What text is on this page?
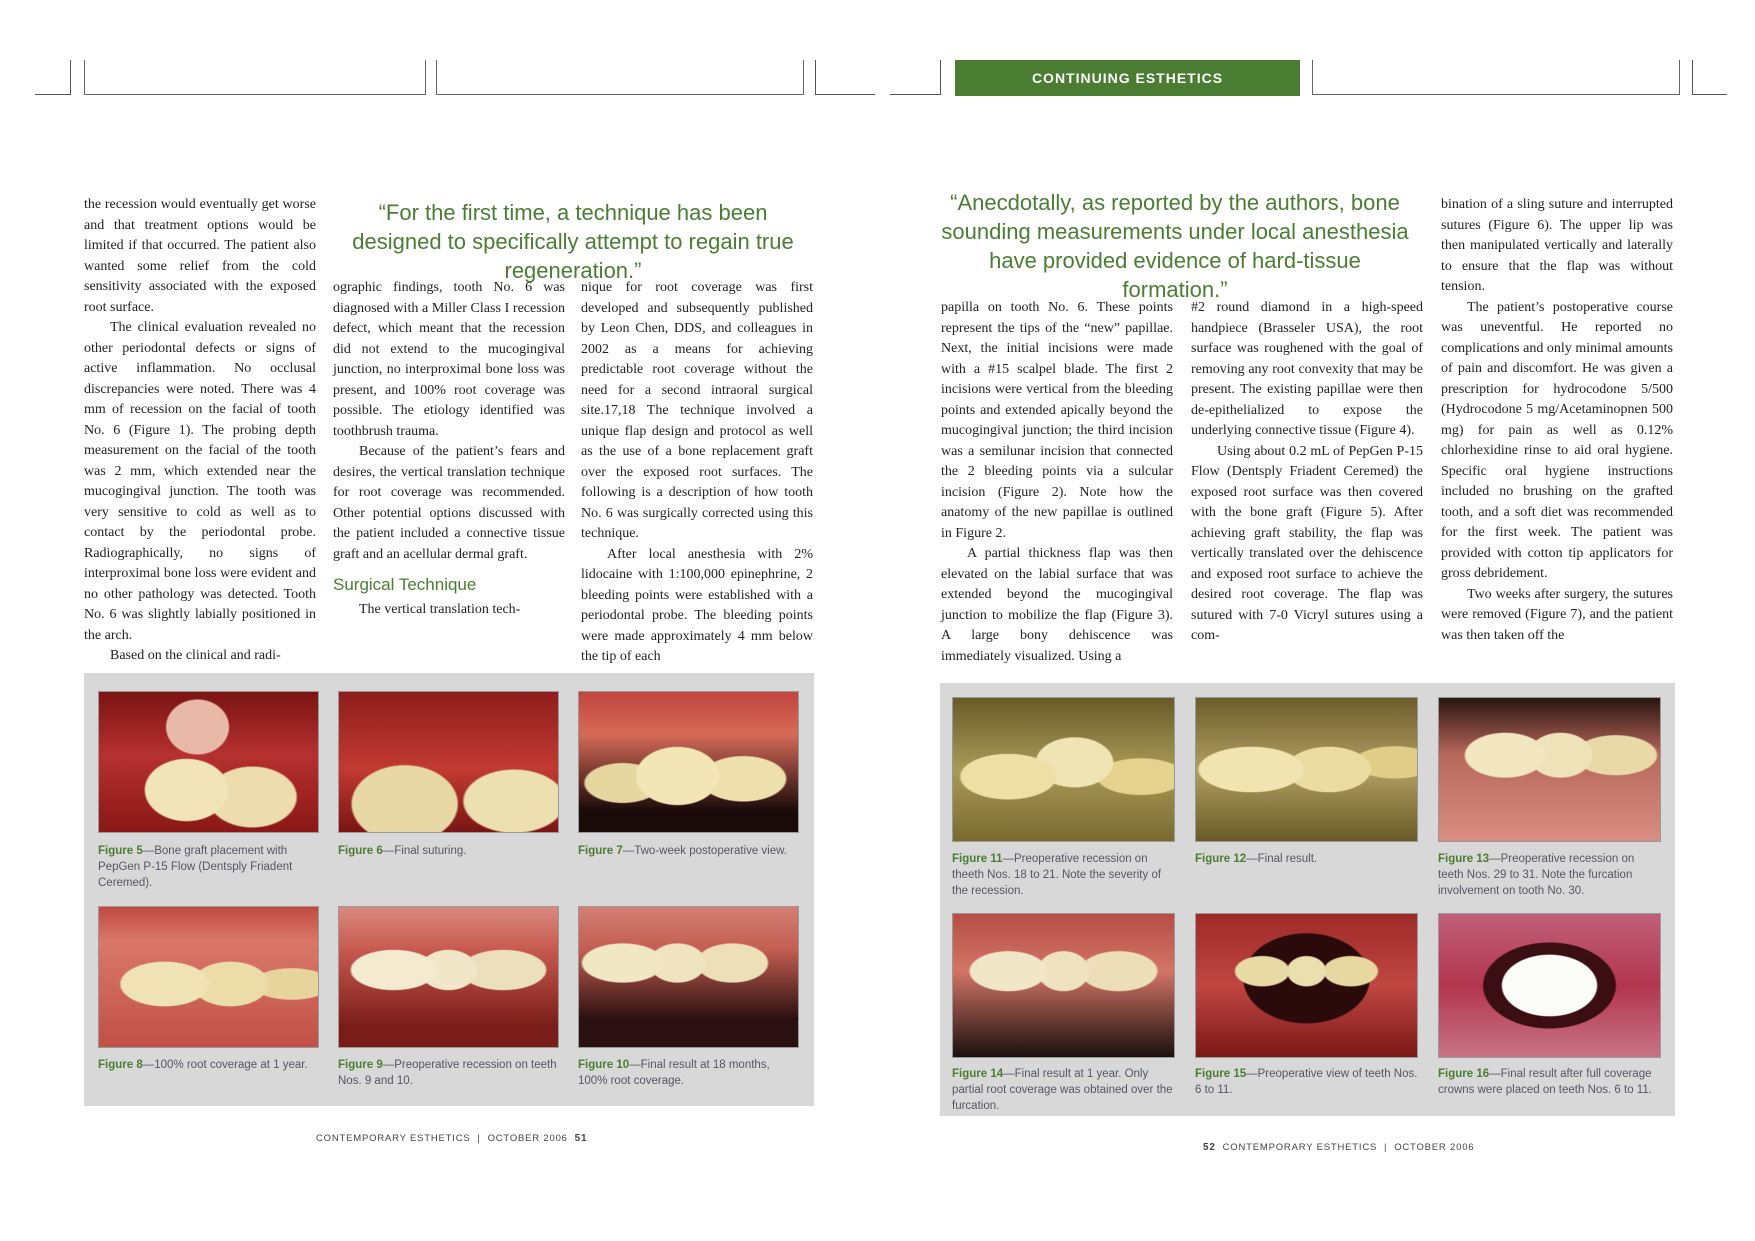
CONTINUING ESTHETICS

the recession would eventually get worse and that treatment options would be limited if that occurred. The patient also wanted some relief from the cold sensitivity associated with the exposed root surface.

The clinical evaluation revealed no other periodontal defects or signs of active inflammation. No occlusal discrepancies were noted. There was 4 mm of recession on the facial of tooth No. 6 (Figure 1). The probing depth measurement on the facial of the tooth was 2 mm, which extended near the mucogingival junction. The tooth was very sensitive to cold as well as to contact by the periodontal probe. Radiographically, no signs of interproximal bone loss were evident and no other pathology was detected. Tooth No. 6 was slightly labially positioned in the arch.

Based on the clinical and radi-

“For the first time, a technique has been designed to specifically attempt to regain true regeneration.”

ographic findings, tooth No. 6 was diagnosed with a Miller Class I recession defect, which meant that the recession did not extend to the mucogingival junction, no interproximal bone loss was present, and 100% root coverage was possible. The etiology identified was toothbrush trauma.

Because of the patient’s fears and desires, the vertical translation technique for root coverage was recommended. Other potential options discussed with the patient included a connective tissue graft and an acellular dermal graft.

Surgical Technique

The vertical translation tech-

nique for root coverage was first developed and subsequently published by Leon Chen, DDS, and colleagues in 2002 as a means for achieving predictable root coverage without the need for a second intraoral surgical site.17,18 The technique involved a unique flap design and protocol as well as the use of a bone replacement graft over the exposed root surfaces. The following is a description of how tooth No. 6 was surgically corrected using this technique.

After local anesthesia with 2% lidocaine with 1:100,000 epinephrine, 2 bleeding points were established with a periodontal probe. The bleeding points were made approximately 4 mm below the tip of each

Figure 5—Bone graft placement with PepGen P-15 Flow (Dentsply Friadent Ceremed).
Figure 6—Final suturing.	Figure 7—Two-week postoperative view.
Figure 8—100% root coverage at 1 year.	Figure 9—Preoperative recession on teeth Nos. 9 and 10.
Figure 10—Final result at 18 months, 100% root coverage.
CONTEMPORARY ESTHETICS | OCTOBER 2006 51
“Anecdotally, as reported by the authors, bone sounding measurements under local anesthesia have provided evidence of hard-tissue formation.”

papilla on tooth No. 6. These points represent the tips of the “new” papillae. Next, the initial incisions were made with a #15 scalpel blade. The first 2 incisions were vertical from the bleeding points and extended apically beyond the mucogingival junction; the third incision was a semilunar incision that connected the 2 bleeding points via a sulcular incision (Figure 2). Note how the anatomy of the new papillae is outlined in Figure 2.

A partial thickness flap was then elevated on the labial surface that was extended beyond the mucogingival junction to mobilize the flap (Figure 3). A large bony dehiscence was immediately visualized. Using a

#2 round diamond in a high-speed handpiece (Brasseler USA), the root surface was roughened with the goal of removing any root convexity that may be present. The existing papillae were then de-epithelialized to expose the underlying connective tissue (Figure 4).

Using about 0.2 mL of PepGen P-15 Flow (Dentsply Friadent Ceremed) the exposed root surface was then covered with the bone graft (Figure 5). After achieving graft stability, the flap was vertically translated over the dehiscence and exposed root surface to achieve the desired root coverage. The flap was sutured with 7-0 Vicryl sutures using a com-

bination of a sling suture and interrupted sutures (Figure 6). The upper lip was then manipulated vertically and laterally to ensure that the flap was without tension.

The patient’s postoperative course was uneventful. He reported no complications and only minimal amounts of pain and discomfort. He was given a prescription for hydrocodone 5/500 (Hydrocodone 5 mg/Acetaminopnen 500 mg) for pain as well as 0.12% chlorhexidine rinse to aid oral hygiene. Specific oral hygiene instructions included no brushing on the grafted tooth, and a soft diet was recommended for the first week. The patient was provided with cotton tip applicators for gross debridement.

Two weeks after surgery, the sutures were removed (Figure 7), and the patient was then taken off the

Figure 11—Preoperative recession on theeth Nos. 18 to 21. Note the severity of the recession.
Figure 12—Final result.	Figure 13—Preoperative recession on teeth Nos. 29 to 31. Note the furcation involvement on tooth No. 30.
Figure 14—Final result at 1 year. Only partial root coverage was obtained over the furcation.
Figure 15—Preoperative view of teeth Nos. 6 to 11.
Figure 16—Final result after full coverage crowns were placed on teeth Nos. 6 to 11.
52 CONTEMPORARY ESTHETICS | OCTOBER 2006
